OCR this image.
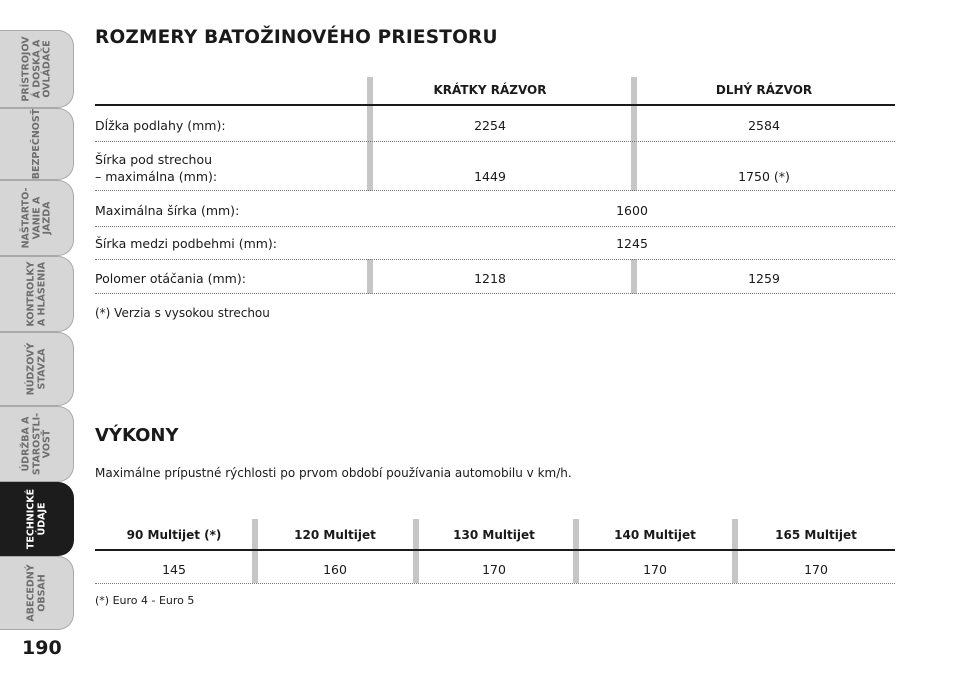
PRÍSTROJOV
Á DOSKA A
OVLÁDAČE
BEZPEČNOSŤ
NAŠTARTO-
VANIE A
JAZDA
KONTROLKY
A HLÁSENIA
NÚDZOVÝ
STAVZA
ÚDRŽBA A
STAROSTLI-
VOSŤ
TECHNICKÉ
ÚDAJE
ABECEDNÝ
OBSAH
190
ROZMERY BATOŽINOVÉHO PRIESTORU
KRÁTKY RÁZVOR	DLHÝ RÁZVOR
Dĺžka podlahy (mm):	2254	2584
Šírka pod strechou
– maximálna (mm):	1449	1750 (*)
Maximálna šírka (mm):	1600
Šírka medzi podbehmi (mm):	1245
Polomer otáčania (mm):	1218	1259
(*) Verzia s vysokou strechou
VÝKONY
Maximálne prípustné rýchlosti po prvom období používania automobilu v km/h.
90 Multijet (*)	120 Multijet	130 Multijet	140 Multijet	165 Multijet
145	160	170	170	170
(*) Euro 4 - Euro 5
